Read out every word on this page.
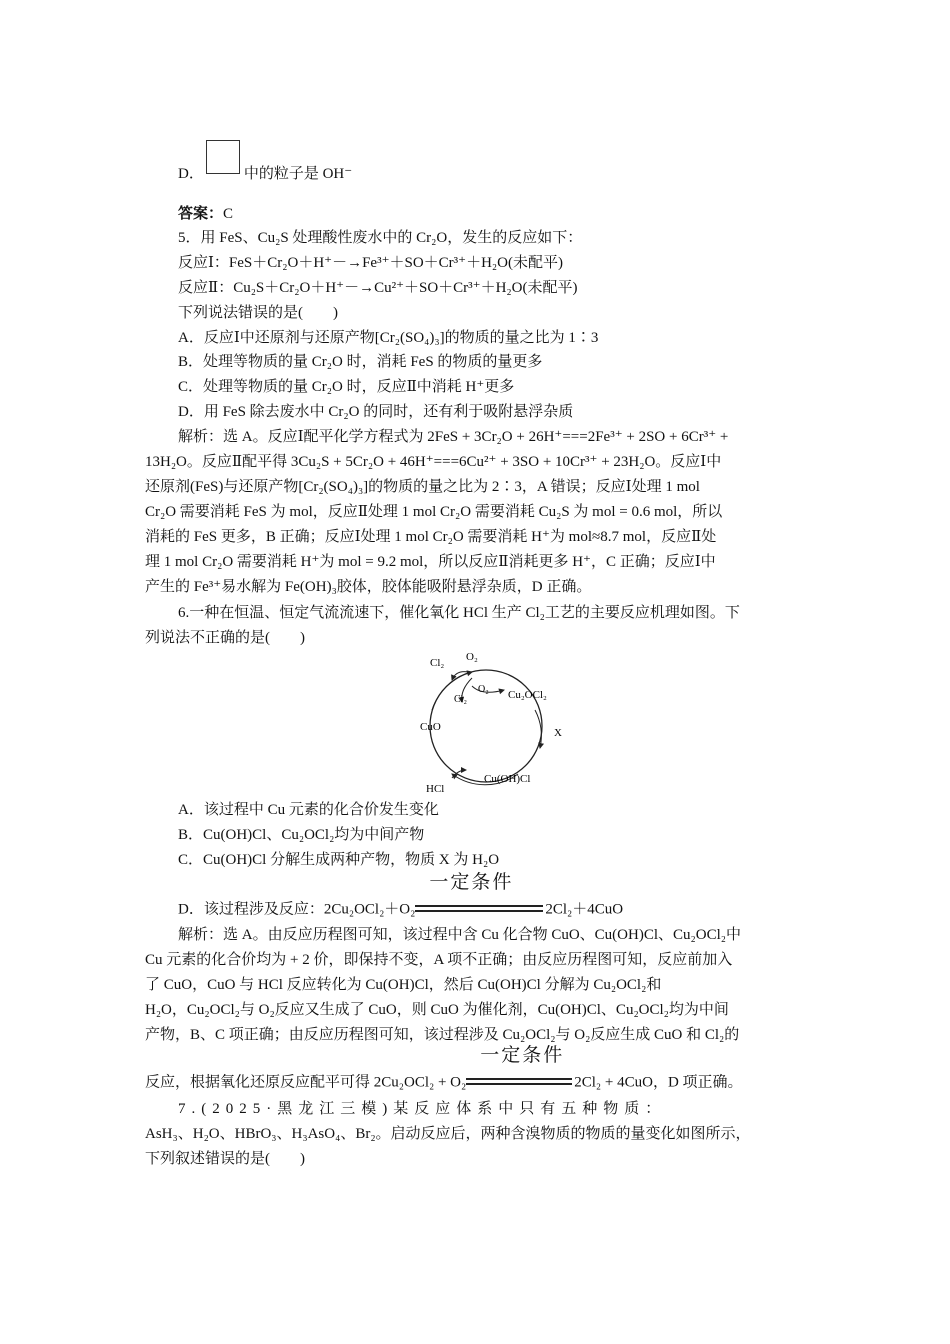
D．	中的粒子是 OH⁻
答案：C
5．用 FeS、Cu₂S 处理酸性废水中的 Cr₂O，发生的反应如下：
反应Ⅰ：FeS＋Cr₂O＋H⁺－→Fe³⁺＋SO＋Cr³⁺＋H₂O(未配平)
反应Ⅱ：Cu₂S＋Cr₂O＋H⁺－→Cu²⁺＋SO＋Cr³⁺＋H₂O(未配平)
下列说法错误的是(　　)
A．反应Ⅰ中还原剂与还原产物[Cr₂(SO₄)₃]的物质的量之比为 1∶3
B．处理等物质的量 Cr₂O 时，消耗 FeS 的物质的量更多
C．处理等物质的量 Cr₂O 时，反应Ⅱ中消耗 H⁺更多
D．用 FeS 除去废水中 Cr₂O 的同时，还有利于吸附悬浮杂质
解析：选 A。反应Ⅰ配平化学方程式为 2FeS + 3Cr₂O + 26H⁺===2Fe³⁺ + 2SO + 6Cr³⁺ +
13H₂O。反应Ⅱ配平得 3Cu₂S + 5Cr₂O + 46H⁺===6Cu²⁺ + 3SO + 10Cr³⁺ + 23H₂O。反应Ⅰ中
还原剂(FeS)与还原产物[Cr₂(SO₄)₃]的物质的量之比为 2∶3，A 错误；反应Ⅰ处理 1 mol
Cr₂O 需要消耗 FeS 为 mol，反应Ⅱ处理 1 mol Cr₂O 需要消耗 Cu₂S 为 mol = 0.6 mol，所以
消耗的 FeS 更多，B 正确；反应Ⅰ处理 1 mol Cr₂O 需要消耗 H⁺为 mol≈8.7 mol，反应Ⅱ处
理 1 mol Cr₂O 需要消耗 H⁺为 mol = 9.2 mol，所以反应Ⅱ消耗更多 H⁺，C 正确；反应Ⅰ中
产生的 Fe³⁺易水解为 Fe(OH)₃胶体，胶体能吸附悬浮杂质，D 正确。
6.一种在恒温、恒定气流流速下，催化氧化 HCl 生产 Cl₂工艺的主要反应机理如图。下
列说法不正确的是(　　)
Cl₂ O₂
O₂
Cl₂	Cu₂OCl₂
CuO	X
HCl
Cu(OH)Cl
A．该过程中 Cu 元素的化合价发生变化
B．Cu(OH)Cl、Cu₂OCl₂均为中间产物
C．Cu(OH)Cl 分解生成两种产物，物质 X 为 H₂O
D．该过程涉及反应：2Cu₂OCl₂＋O₂
一定条件
2Cl₂＋4CuO
解析：选 A。由反应历程图可知，该过程中含 Cu 化合物 CuO、Cu(OH)Cl、Cu₂OCl₂中
Cu 元素的化合价均为 + 2 价，即保持不变，A 项不正确；由反应历程图可知，反应前加入
了 CuO，CuO 与 HCl 反应转化为 Cu(OH)Cl，然后 Cu(OH)Cl 分解为 Cu₂OCl₂和
H₂O，Cu₂OCl₂与 O₂反应又生成了 CuO，则 CuO 为催化剂，Cu(OH)Cl、Cu₂OCl₂均为中间
产物，B、C 项正确；由反应历程图可知，该过程涉及 Cu₂OCl₂与 O₂反应生成 CuO 和 Cl₂的
反应，根据氧化还原反应配平可得 2Cu₂OCl₂ + O₂
一定条件
2Cl₂ + 4CuO，D 项正确。
7.(2025·黑龙江三模)某反应体系中只有五种物质：
AsH₃、H₂O、HBrO₃、H₃AsO₄、Br₂。启动反应后，两种含溴物质的物质的量变化如图所示，
下列叙述错误的是(　　)
